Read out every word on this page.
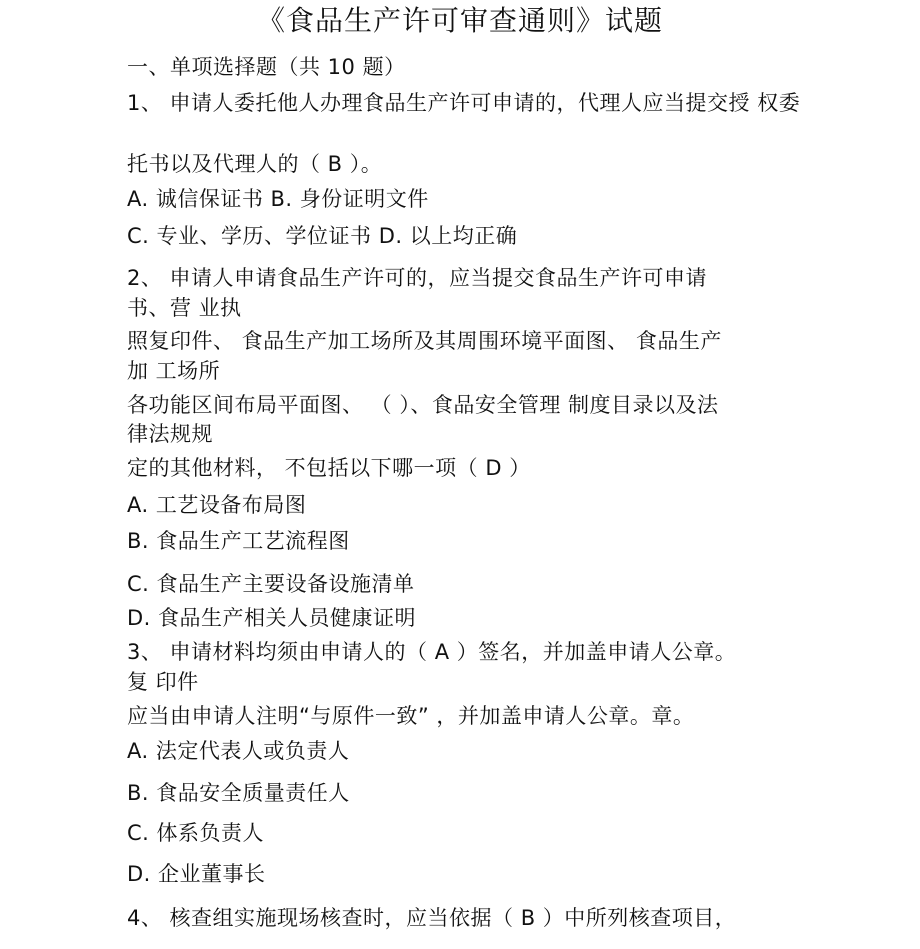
《食品生产许可审查通则》试题
一、单项选择题（共 10 题）
1、 申请人委托他人办理食品生产许可申请的，代理人应当提交授 权委
托书以及代理人的（ B ）。
A. 诚信保证书 B. 身份证明文件
C. 专业、学历、学位证书 D. 以上均正确
2、 申请人申请食品生产许可的，应当提交食品生产许可申请
书、营 业执
照复印件、 食品生产加工场所及其周围环境平面图、 食品生产
加 工场所
各功能区间布局平面图、 （ ）、食品安全管理 制度目录以及法
律法规规
定的其他材料， 不包括以下哪一项（ D ）
A. 工艺设备布局图
B. 食品生产工艺流程图
C. 食品生产主要设备设施清单
D. 食品生产相关人员健康证明
3、 申请材料均须由申请人的（ A ）签名，并加盖申请人公章。
复 印件
应当由申请人注明“与原件一致” ，并加盖申请人公章。章。
A. 法定代表人或负责人
B. 食品安全质量责任人
C. 体系负责人
D. 企业董事长
4、 核查组实施现场核查时，应当依据（ B ）中所列核查项目，
